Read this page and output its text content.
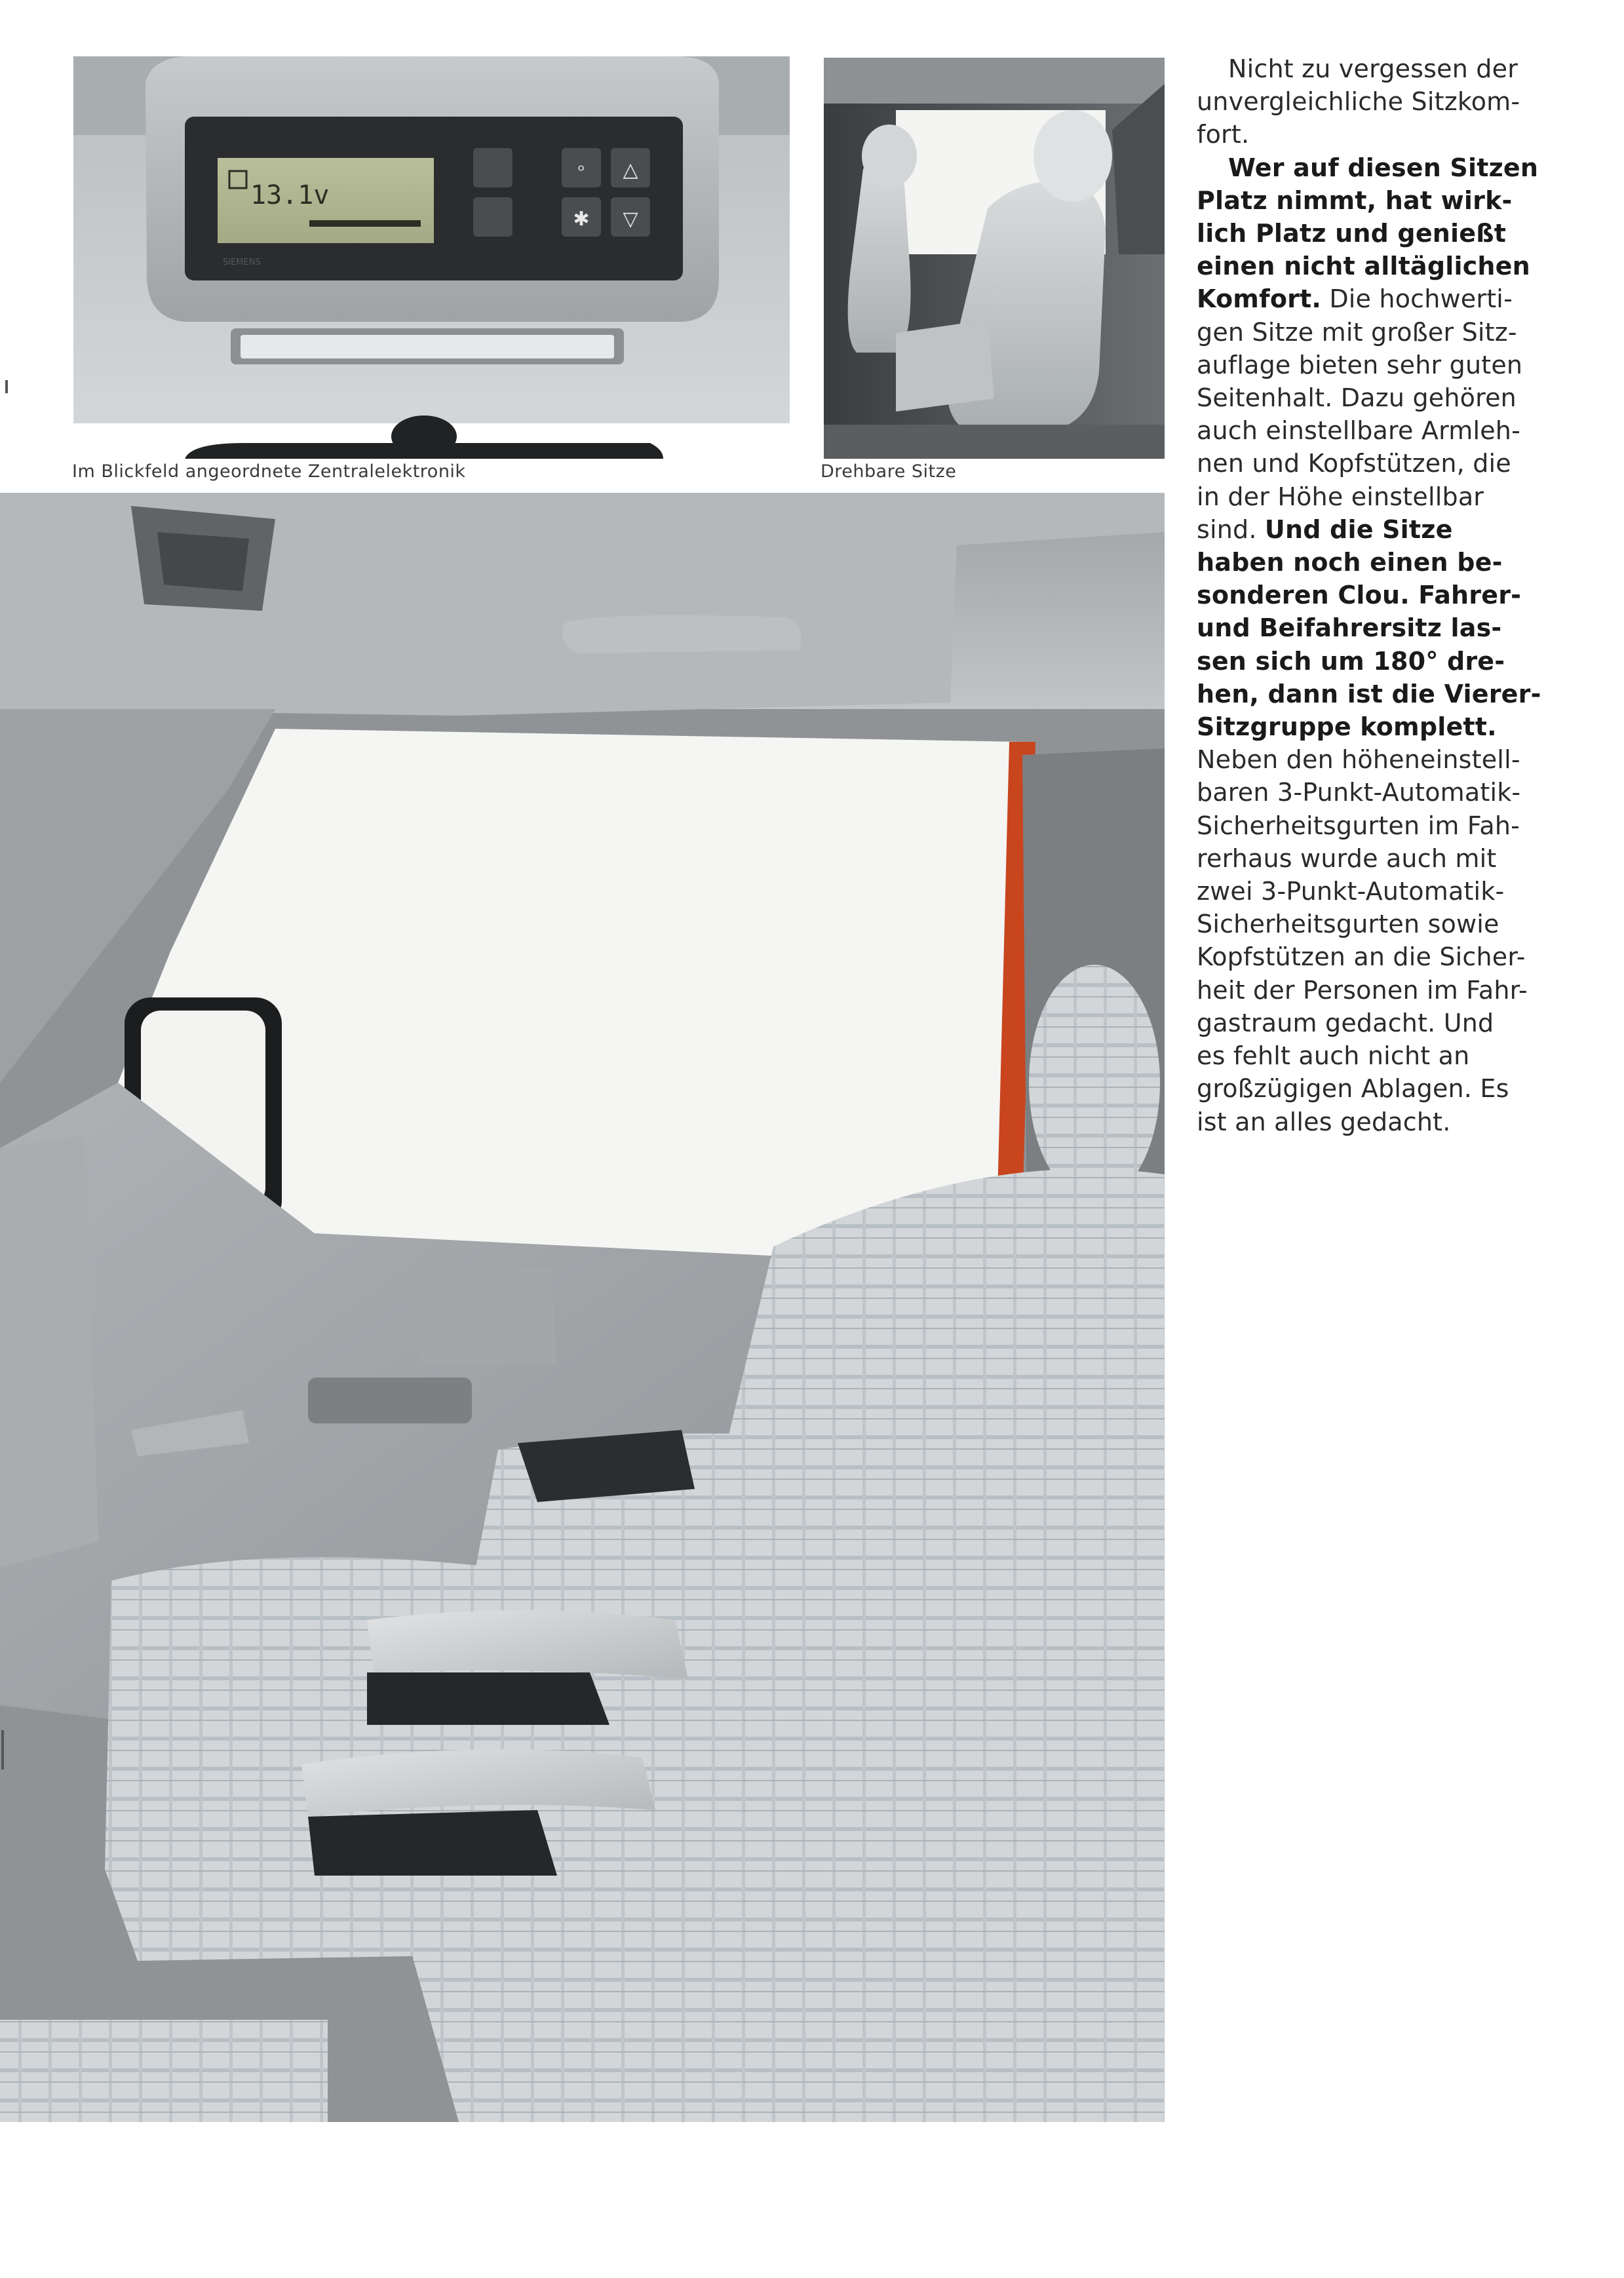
13.1v
△
▽
✱
ᵒ
SIEMENS
Im Blickfeld angeordnete Zentralelektronik	Drehbare Sitze
Nicht zu vergessen der
unvergleichliche Sitzkom-
fort.
Wer auf diesen Sitzen
Platz nimmt, hat wirk-
lich Platz und genießt
einen nicht alltäglichen
Komfort. Die hochwerti-
gen Sitze mit großer Sitz-
auflage bieten sehr guten
Seitenhalt. Dazu gehören
auch einstellbare Armleh-
nen und Kopfstützen, die
in der Höhe einstellbar
sind. Und die Sitze
haben noch einen be-
sonderen Clou. Fahrer-
und Beifahrersitz las-
sen sich um 180° dre-
hen, dann ist die Vierer-
Sitzgruppe komplett.
Neben den höheneinstell-
baren 3-Punkt-Automatik-
Sicherheitsgurten im Fah-
rerhaus wurde auch mit
zwei 3-Punkt-Automatik-
Sicherheitsgurten sowie
Kopfstützen an die Sicher-
heit der Personen im Fahr-
gastraum gedacht. Und
es fehlt auch nicht an
großzügigen Ablagen. Es
ist an alles gedacht.
